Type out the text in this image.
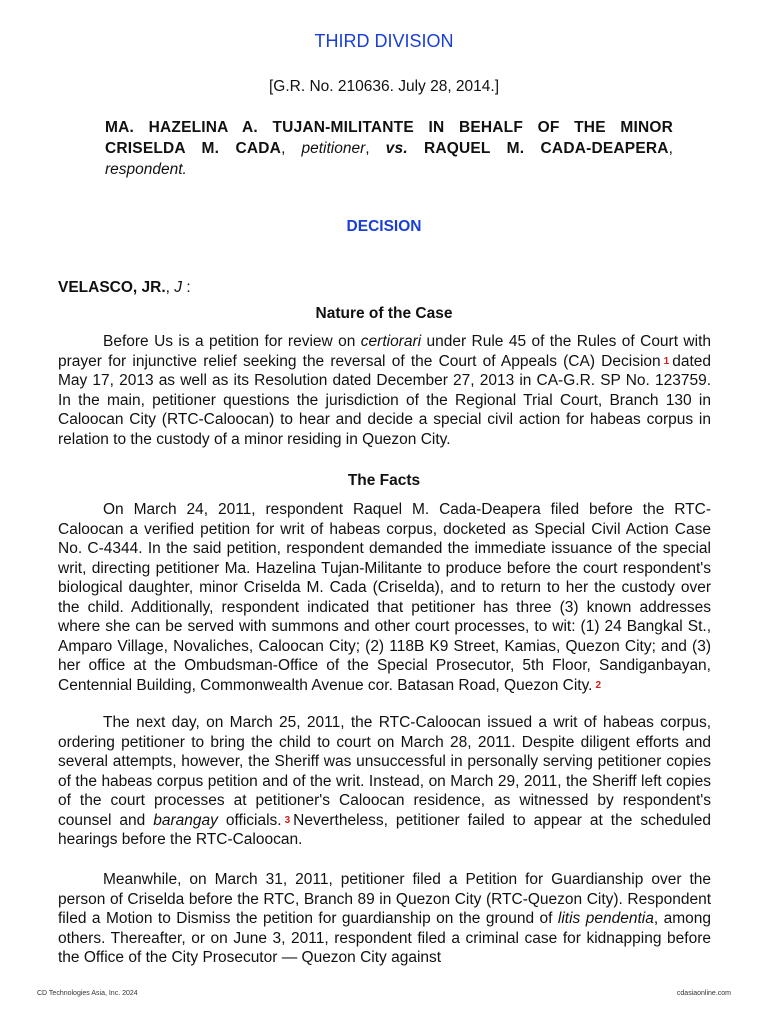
THIRD DIVISION
[G.R. No. 210636. July 28, 2014.]
MA. HAZELINA A. TUJAN-MILITANTE IN BEHALF OF THE MINOR CRISELDA M. CADA, petitioner, vs. RAQUEL M. CADA-DEAPERA, respondent.
DECISION
VELASCO, JR., J :
Nature of the Case
Before Us is a petition for review on certiorari under Rule 45 of the Rules of Court with prayer for injunctive relief seeking the reversal of the Court of Appeals (CA) Decision 1 dated May 17, 2013 as well as its Resolution dated December 27, 2013 in CA-G.R. SP No. 123759. In the main, petitioner questions the jurisdiction of the Regional Trial Court, Branch 130 in Caloocan City (RTC-Caloocan) to hear and decide a special civil action for habeas corpus in relation to the custody of a minor residing in Quezon City.
The Facts
On March 24, 2011, respondent Raquel M. Cada-Deapera filed before the RTC-Caloocan a verified petition for writ of habeas corpus, docketed as Special Civil Action Case No. C-4344. In the said petition, respondent demanded the immediate issuance of the special writ, directing petitioner Ma. Hazelina Tujan-Militante to produce before the court respondent's biological daughter, minor Criselda M. Cada (Criselda), and to return to her the custody over the child. Additionally, respondent indicated that petitioner has three (3) known addresses where she can be served with summons and other court processes, to wit: (1) 24 Bangkal St., Amparo Village, Novaliches, Caloocan City; (2) 118B K9 Street, Kamias, Quezon City; and (3) her office at the Ombudsman-Office of the Special Prosecutor, 5th Floor, Sandiganbayan, Centennial Building, Commonwealth Avenue cor. Batasan Road, Quezon City. 2
The next day, on March 25, 2011, the RTC-Caloocan issued a writ of habeas corpus, ordering petitioner to bring the child to court on March 28, 2011. Despite diligent efforts and several attempts, however, the Sheriff was unsuccessful in personally serving petitioner copies of the habeas corpus petition and of the writ. Instead, on March 29, 2011, the Sheriff left copies of the court processes at petitioner's Caloocan residence, as witnessed by respondent's counsel and barangay officials. 3 Nevertheless, petitioner failed to appear at the scheduled hearings before the RTC-Caloocan.
Meanwhile, on March 31, 2011, petitioner filed a Petition for Guardianship over the person of Criselda before the RTC, Branch 89 in Quezon City (RTC-Quezon City). Respondent filed a Motion to Dismiss the petition for guardianship on the ground of litis pendentia, among others. Thereafter, or on June 3, 2011, respondent filed a criminal case for kidnapping before the Office of the City Prosecutor — Quezon City against
CD Technologies Asia, Inc. 2024	cdasiaonline.com
